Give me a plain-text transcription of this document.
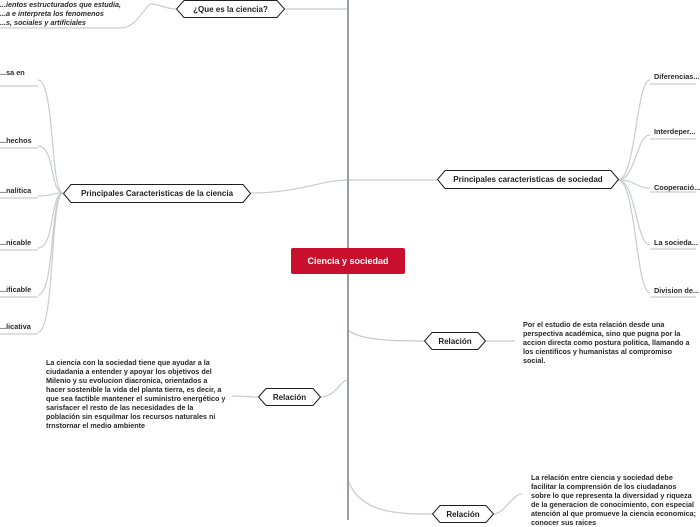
Ciencia y sociedad
¿Que es la ciencia?
...ientos estructurados que estudia,
...a e interpreta los fenomenos
...s, sociales y artificiales
Principales Caracteristicas de la ciencia
...sa en
...hechos
...nalítica
...nicable
...ificable
...licativa
Principales caracteristicas de sociedad
Diferencias...
Interdeper...
Cooperació...
La socieda...
Division de...
Relación
La ciencia con la sociedad tiene que ayudar a la ciudadania a entender y apoyar los objetivos del Milenio y su evolucion diacronica, orientados a hacer sostenible la vida del planta tierra, es decir, a que sea factible mantener el suministro energético y sarisfacer el resto de las necesidades de la población sin esquilmar los recursos naturales ni trnstornar el medio ambiente
Relación
Por el estudio de esta relación desde una perspectiva académica, sino que pugna por la accion directa como postura politica, llamando a los cientificos y humanistas al compromiso social.
Relación
La relación entre ciencia y sociedad debe facilitar la comprensión de los ciudadanos sobre lo que representa la diversidad y riqueza de la generacion de conocimiento, con especial atención al que promueve la ciencia economica; conocer sus raices
